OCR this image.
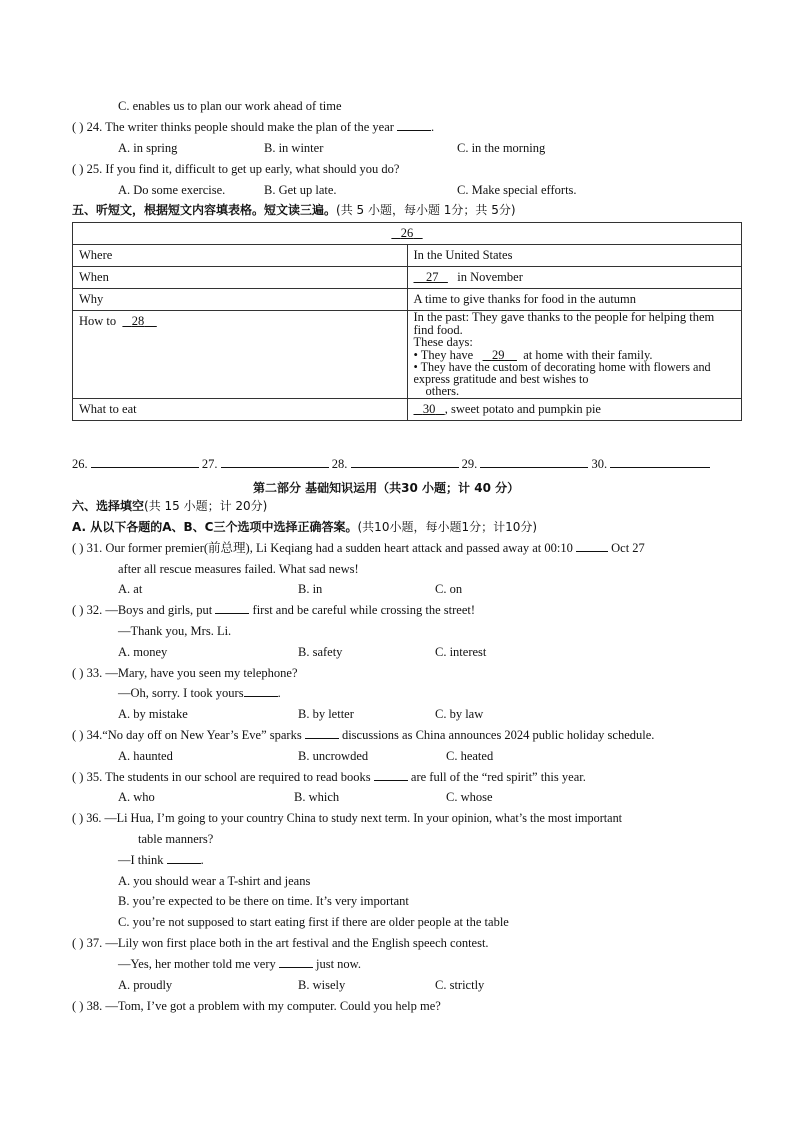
C. enables us to plan our work ahead of time
( ) 24. The writer thinks people should make the plan of the year	.
A. in spring	B. in winter	C. in the morning
( ) 25. If you find it, difficult to get up early, what should you do?
A. Do some exercise.	B. Get up late.	C. Make special efforts.
五、听短文，根据短文内容填表格。短文读三遍。(共 5 小题，每小题 1分；共 5分)
26	
Where	In the United States
When	27 in November
Why	A time to give thanks for food in the autumn
How to 28	In the past: They gave thanks to the people for helping them find food.
These days:
• They have 29 at home with their family.
• They have the custom of decorating home with flowers and express gratitude and best wishes to
others.

What to eat	30 , sweet potato and pumpkin pie
26.	27.	28.	29.	30.
第二部分 基础知识运用（共30 小题；计 40 分）
六、选择填空(共 15 小题；计 20分)
A. 从以下各题的A、B、C三个选项中选择正确答案。(共10小题，每小题1分；计10分)
( ) 31. Our former premier(前总理), Li Keqiang had a sudden heart attack and passed away at 00:10	Oct 27
after all rescue measures failed. What sad news!
A. at	B. in	C. on
( ) 32. —Boys and girls, put	first and be careful while crossing the street!
—Thank you, Mrs. Li.
A. money	B. safety	C. interest
( ) 33. —Mary, have you seen my telephone?
—Oh, sorry. I took yours	.
A. by mistake	B. by letter	C. by law
( ) 34.“No day off on New Year’s Eve” sparks	discussions as China announces 2024 public holiday schedule.
A. haunted	B. uncrowded	C. heated
( ) 35. The students in our school are required to read books	are full of the “red spirit” this year.
A. who	B. which	C. whose
( ) 36. —Li Hua, I’m going to your country China to study next term. In your opinion, what’s the most important
table manners?
—I think	.
A. you should wear a T-shirt and jeans
B. you’re expected to be there on time. It’s very important
C. you’re not supposed to start eating first if there are older people at the table
( ) 37. —Lily won first place both in the art festival and the English speech contest.
—Yes, her mother told me very	just now.
A. proudly	B. wisely	C. strictly
( ) 38. —Tom, I’ve got a problem with my computer. Could you help me?
